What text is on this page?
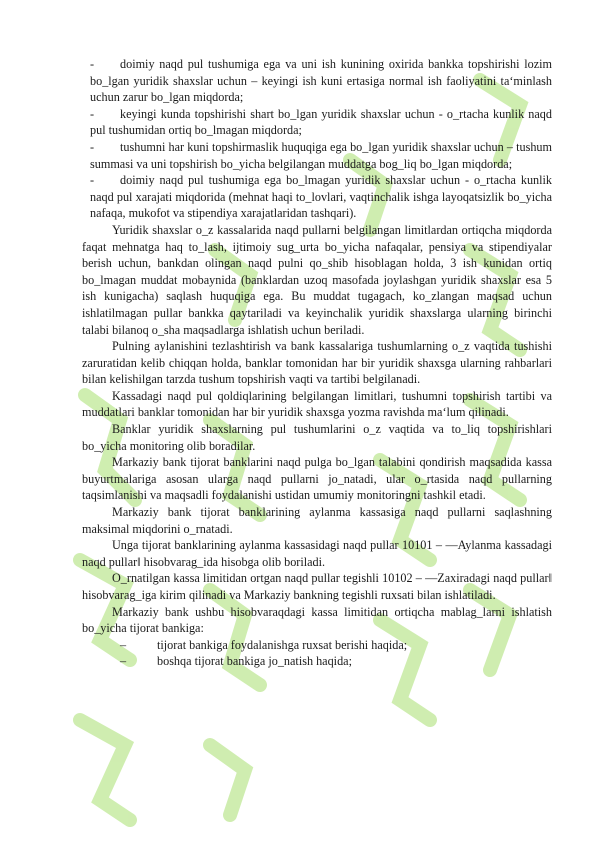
- doimiy naqd pul tushumiga ega va uni ish kunining oxirida bankka topshirishi lozim bo_lgan yuridik shaxslar uchun – keyingi ish kuni ertasiga normal ish faoliyatini taʻminlash uchun zarur bo_lgan miqdorda;

- keyingi kunda topshirishi shart bo_lgan yuridik shaxslar uchun - o_rtacha kunlik naqd pul tushumidan ortiq bo_lmagan miqdorda;

- tushumni har kuni topshirmaslik huquqiga ega bo_lgan yuridik shaxslar uchun – tushum summasi va uni topshirish bo_yicha belgilangan muddatga bog_liq bo_lgan miqdorda;

- doimiy naqd pul tushumiga ega bo_lmagan yuridik shaxslar uchun - o_rtacha kunlik naqd pul xarajati miqdorida (mehnat haqi to_lovlari, vaqtinchalik ishga layoqatsizlik bo_yicha nafaqa, mukofot va stipendiya xarajatlaridan tashqari).

Yuridik shaxslar o_z kassalarida naqd pullarni belgilangan limitlardan ortiqcha miqdorda faqat mehnatga haq to_lash, ijtimoiy sug_urta bo_yicha nafaqalar, pensiya va stipendiyalar berish uchun, bankdan olingan naqd pulni qo_shib hisoblagan holda, 3 ish kunidan ortiq bo_lmagan muddat mobaynida (banklardan uzoq masofada joylashgan yuridik shaxslar esa 5 ish kunigacha) saqlash huquqiga ega. Bu muddat tugagach, ko_zlangan maqsad uchun ishlatilmagan pullar bankka qaytariladi va keyinchalik yuridik shaxslarga ularning birinchi talabi bilanoq o_sha maqsadlarga ishlatish uchun beriladi.

Pulning aylanishini tezlashtirish va bank kassalariga tushumlarning o_z vaqtida tushishi zaruratidan kelib chiqqan holda, banklar tomonidan har bir yuridik shaxsga ularning rahbarlari bilan kelishilgan tarzda tushum topshirish vaqti va tartibi belgilanadi.

Kassadagi naqd pul qoldiqlarining belgilangan limitlari, tushumni topshirish tartibi va muddatlari banklar tomonidan har bir yuridik shaxsga yozma ravishda maʻlum qilinadi.

Banklar yuridik shaxslarning pul tushumlarini o_z vaqtida va to_liq topshirishlari bo_yicha monitoring olib boradilar.

Markaziy bank tijorat banklarini naqd pulga bo_lgan talabini qondirish maqsadida kassa buyurtmalariga asosan ularga naqd pullarni jo_natadi, ular o_rtasida naqd pullarning taqsimlanishi va maqsadli foydalanishi ustidan umumiy monitoringni tashkil etadi.

Markaziy bank tijorat banklarining aylanma kassasiga naqd pullarni saqlashning maksimal miqdorini o_rnatadi.

Unga tijorat banklarining aylanma kassasidagi naqd pullar 10101 – ―Aylanma kassadagi naqd pullar‖ hisobvarag_ida hisobga olib boriladi.

O_rnatilgan kassa limitidan ortgan naqd pullar tegishli 10102 – ―Zaxiradagi naqd pullar‖ hisobvarag_iga kirim qilinadi va Markaziy bankning tegishli ruxsati bilan ishlatiladi.

Markaziy bank ushbu hisobvaraqdagi kassa limitidan ortiqcha mablag_larni ishlatish bo_yicha tijorat bankiga:

–	tijorat bankiga foydalanishga ruxsat berishi haqida;

–	boshqa tijorat bankiga jo_natish haqida;
